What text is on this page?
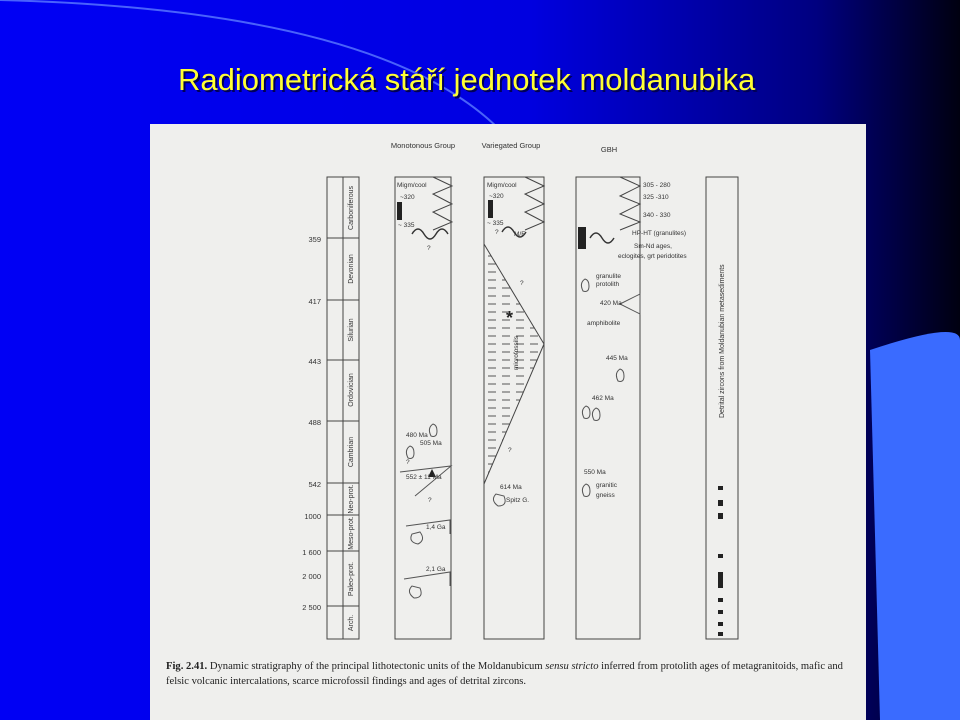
Radiometrická stáří jednotek moldanubika
Monotonous Group	Variegated Group	GBH
359
417
443
488
542
1000
1 600
2 000
2 500
Carboniferous
Devonian
Silurian
Ordovician
Cambrian
Neo-prot.
Meso-prot.
Paleo-prot.
Arch.
Migm/cool
~320
~ 335
?
480 Ma
505 Ma
?
552 ± 11 Ma
?
1,4 Ga
2,1 Ga
*
Migm/cool
~320
~ 335
M/F
?
?
microfossils
?
614 Ma
Spitz G.
305 - 280
325 -310
340 - 330
HP-HT (granulites)
Sm-Nd ages,
eclogites, grt peridotites
granulite
protolith
420 Ma
amphibolite
445 Ma
462 Ma
550 Ma
granitic
gneiss
Detrital zircons from Moldanubian metasediments
Fig. 2.41. Dynamic stratigraphy of the principal lithotectonic units of the Moldanubicum sensu stricto inferred from protolith ages of metagranitoids, mafic and felsic volcanic intercalations, scarce microfossil findings and ages of detrital zircons.
